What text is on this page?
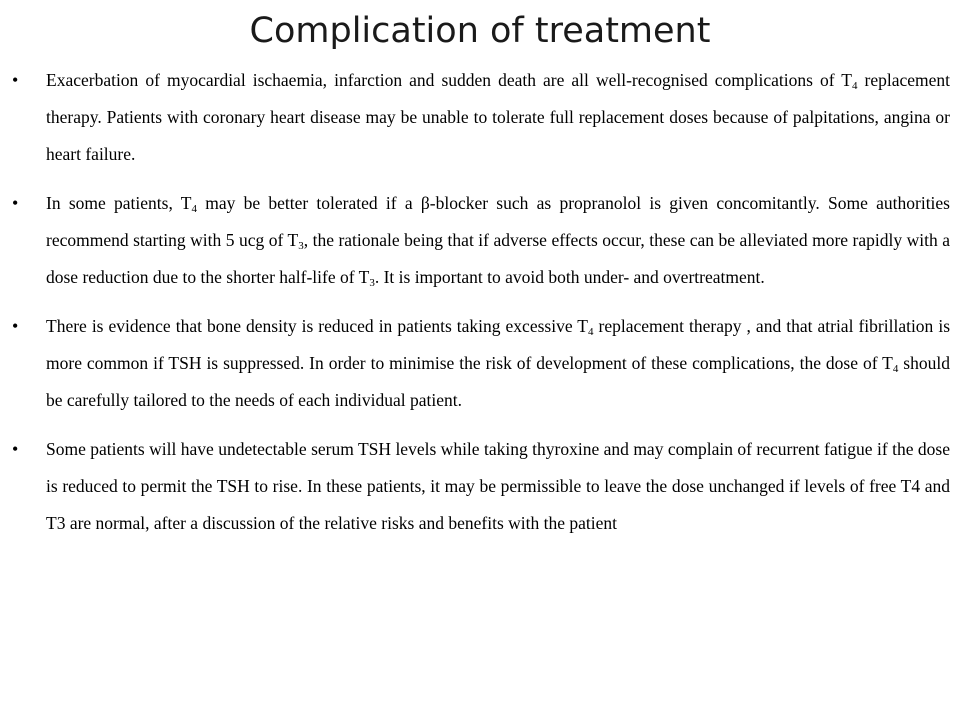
Complication of treatment
• Exacerbation of myocardial ischaemia, infarction and sudden death are all well-recognised complications of $T_4$ replacement therapy. Patients with coronary heart disease may be unable to tolerate full replacement doses because of palpitations, angina or heart failure.
• In some patients, $T_4$ may be better tolerated if a β-blocker such as propranolol is given concomitantly. Some authorities recommend starting with 5 ucg of $T_3$, the rationale being that if adverse effects occur, these can be alleviated more rapidly with a dose reduction due to the shorter half-life of $T_3$. It is important to avoid both under- and overtreatment.
• There is evidence that bone density is reduced in patients taking excessive $T_4$ replacement therapy , and that atrial fibrillation is more common if TSH is suppressed. In order to minimise the risk of development of these complications, the dose of $T_4$ should be carefully tailored to the needs of each individual patient.
• Some patients will have undetectable serum TSH levels while taking thyroxine and may complain of recurrent fatigue if the dose is reduced to permit the TSH to rise. In these patients, it may be permissible to leave the dose unchanged if levels of free T4 and T3 are normal, after a discussion of the relative risks and benefits with the patient
